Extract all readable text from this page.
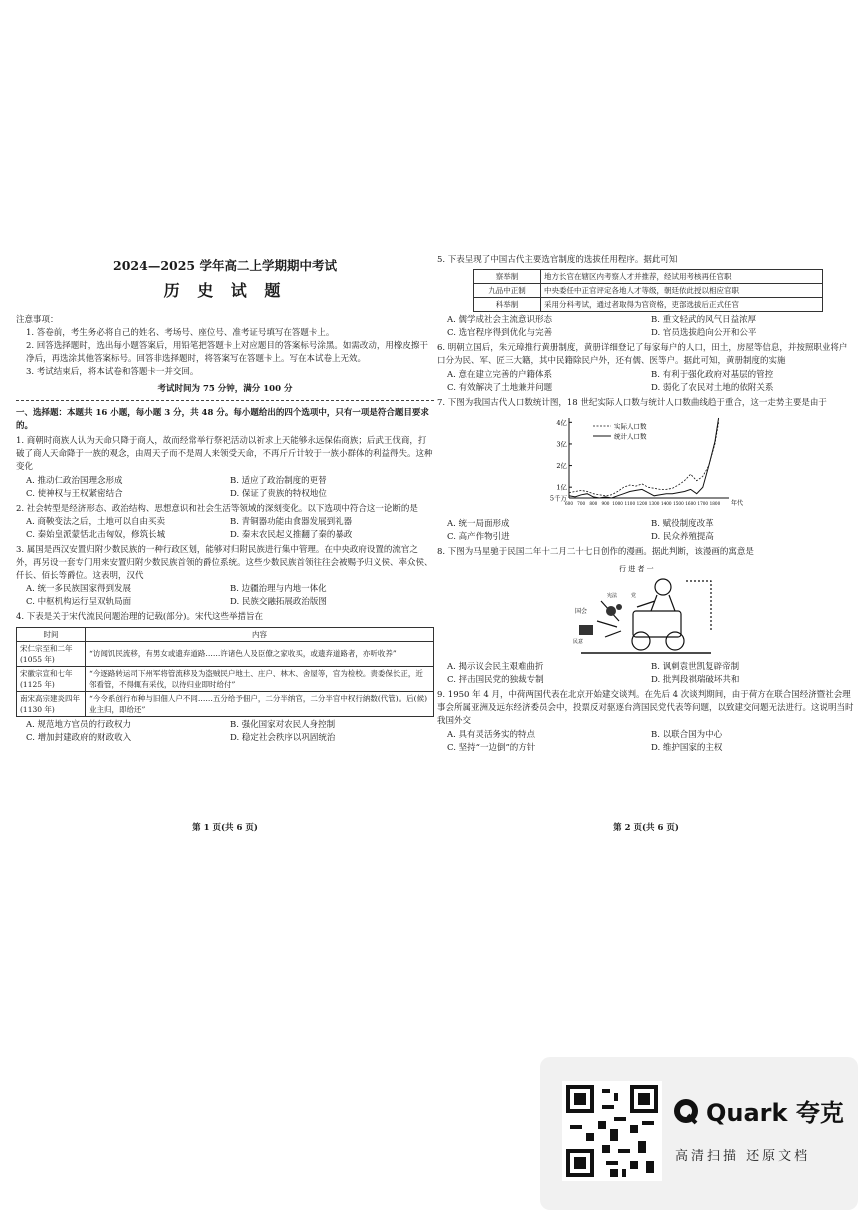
2024—2025 学年高二上学期期中考试
历 史 试 题
注意事项：
1. 答卷前，考生务必将自己的姓名、考场号、座位号、准考证号填写在答题卡上。
2. 回答选择题时，选出每小题答案后，用铅笔把答题卡上对应题目的答案标号涂黑。如需改动，用橡皮擦干净后，再选涂其他答案标号。回答非选择题时，将答案写在答题卡上。写在本试卷上无效。
3. 考试结束后，将本试卷和答题卡一并交回。
考试时间为 75 分钟，满分 100 分
一、选择题：本题共 16 小题，每小题 3 分，共 48 分。每小题给出的四个选项中，只有一项是符合题目要求的。
1. 商朝时商族人认为天命只降于商人，故而经常举行祭祀活动以祈求上天能够永远保佑商族；后武王伐商，打破了商人天命降于一族的观念，由周天子而不是周人来领受天命，不再斤斤计较于一族小群体的利益得失。这种变化
A. 推动仁政治国理念形成	B. 适应了政治制度的更替
C. 使神权与王权紧密结合	D. 保证了贵族的特权地位
2. 社会转型是经济形态、政治结构、思想意识和社会生活等领域的深刻变化。以下选项中符合这一论断的是
A. 商鞅变法之后，土地可以自由买卖	B. 青铜器功能由食器发展到礼器
C. 秦始皇派蒙恬北击匈奴，修筑长城	D. 秦末农民起义推翻了秦的暴政
3. 属国是西汉安置归附少数民族的一种行政区划，能够对归附民族进行集中管理。在中央政府设置的流官之外，再另设一套专门用来安置归附少数民族首领的爵位系统。这些少数民族首领往往会被赐予归义侯、率众侯、仟长、佰长等爵位。这表明，汉代
A. 统一多民族国家得到发展	B. 边疆治理与内地一体化
C. 中枢机构运行呈双轨局面	D. 民族交融拓展政治版图
4. 下表是关于宋代流民问题治理的记载(部分)。宋代这些举措旨在
时间	内容
宋仁宗至和二年(1055 年)	“访闻饥民流移，有男女或遗弃道路……许诸色人及臣僚之家收买，或遗弃道路者，亦听收养”
宋徽宗宣和七年(1125 年)	“今逐路转运司下州军将管流移及为盗贼民户地土、庄户、林木、舍屋等，官为检校。责委保长正，近邻看管，不得辄有采伐，以待归业即时给付”
南宋高宗建炎四年(1130 年)	“今令系创行布种与旧佃人户不同……五分给予佃户，二分半纳官，二分半官中权行納数(代管)。后(候)业主归，即给还”
A. 规范地方官员的行政权力	B. 强化国家对农民人身控制
C. 增加封建政府的财政收入	D. 稳定社会秩序以巩固统治
5. 下表呈现了中国古代主要选官制度的选拔任用程序。据此可知
察举制	地方长官在辖区内考察人才并推荐，经试用考核再任官职
九品中正制	中央委任中正官评定各地人才等级，朝廷依此授以相应官职
科举制	采用分科考试，通过者取得为官资格，吏部选拔后正式任官
A. 儒学成社会主流意识形态	B. 重文轻武的风气日益浓厚
C. 选官程序得到优化与完善	D. 官员选拔趋向公开和公平
6. 明朝立国后，朱元璋推行黄册制度，黄册详细登记了每家每户的人口，田土，房屋等信息，并按照职业将户口分为民、军、匠三大籍，其中民籍除民户外，还有儒、医等户。据此可知，黄册制度的实施
A. 意在建立完善的户籍体系	B. 有利于强化政府对基层的管控
C. 有效解决了土地兼并问题	D. 弱化了农民对土地的依附关系
7. 下图为我国古代人口数统计图，18 世纪实际人口数与统计人口数曲线趋于重合，这一走势主要是由于
5千万
1亿
2亿
3亿
4亿
600 700 800 900 1000 1100 1200 1300 1400 1500 1600 1700 1800 年代
实际人口数
统计人口数
A. 统一局面形成	B. 赋役制度改革
C. 高产作物引进	D. 民众养殖提高
8. 下图为马星驰于民国二年十二月二十七日创作的漫画。据此判断，该漫画的寓意是
行 进 者 一
国会
宪法	党
民意
A. 揭示议会民主艰难曲折	B. 讽刺袁世凯复辟帝制
C. 抨击国民党的独裁专制	D. 批判段祺瑞破坏共和
9. 1950 年 4 月，中荷两国代表在北京开始建交谈判。在先后 4 次谈判期间，由于荷方在联合国经济暨社会理事会所属亚洲及远东经济委员会中，投票反对驱逐台湾国民党代表等问题，以致建交问题无法进行。这说明当时我国外交
A. 具有灵活务实的特点	B. 以联合国为中心
C. 坚持“一边倒”的方针	D. 维护国家的主权
第 1 页(共 6 页)	第 2 页(共 6 页)
Quark 夸克
高清扫描 还原文档
